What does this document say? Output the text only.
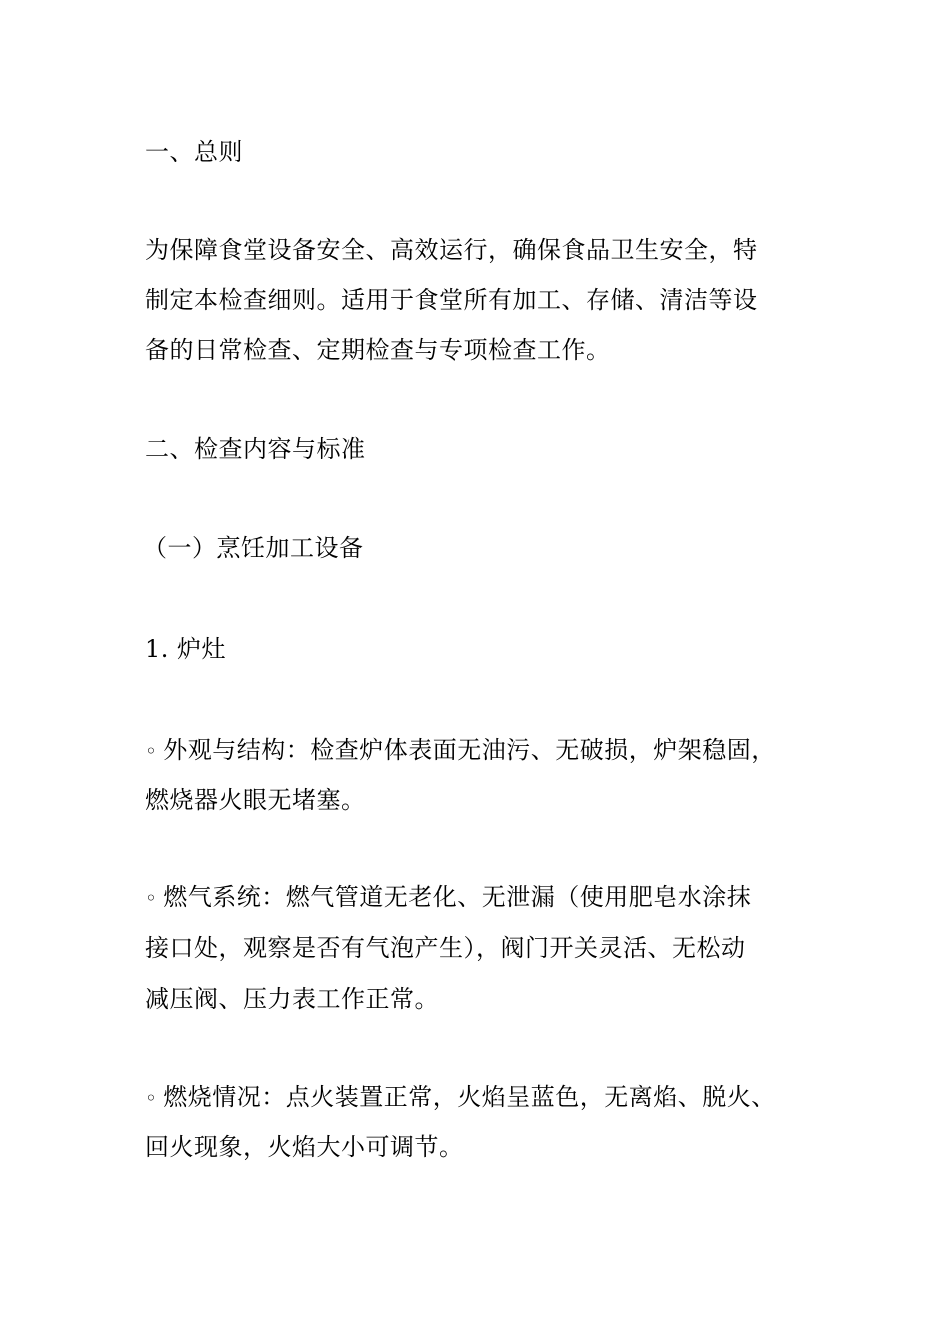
一、总则
为保障食堂设备安全、高效运行，确保食品卫生安全，特
制定本检查细则。适用于食堂所有加工、存储、清洁等设
备的日常检查、定期检查与专项检查工作。
二、检查内容与标准
（一）烹饪加工设备
1. 炉灶
◦ 外观与结构：检查炉体表面无油污、无破损，炉架稳固，
燃烧器火眼无堵塞。
◦ 燃气系统：燃气管道无老化、无泄漏（使用肥皂水涂抹
接口处，观察是否有气泡产生），阀门开关灵活、无松动
减压阀、压力表工作正常。
◦ 燃烧情况：点火装置正常，火焰呈蓝色，无离焰、脱火、
回火现象，火焰大小可调节。
